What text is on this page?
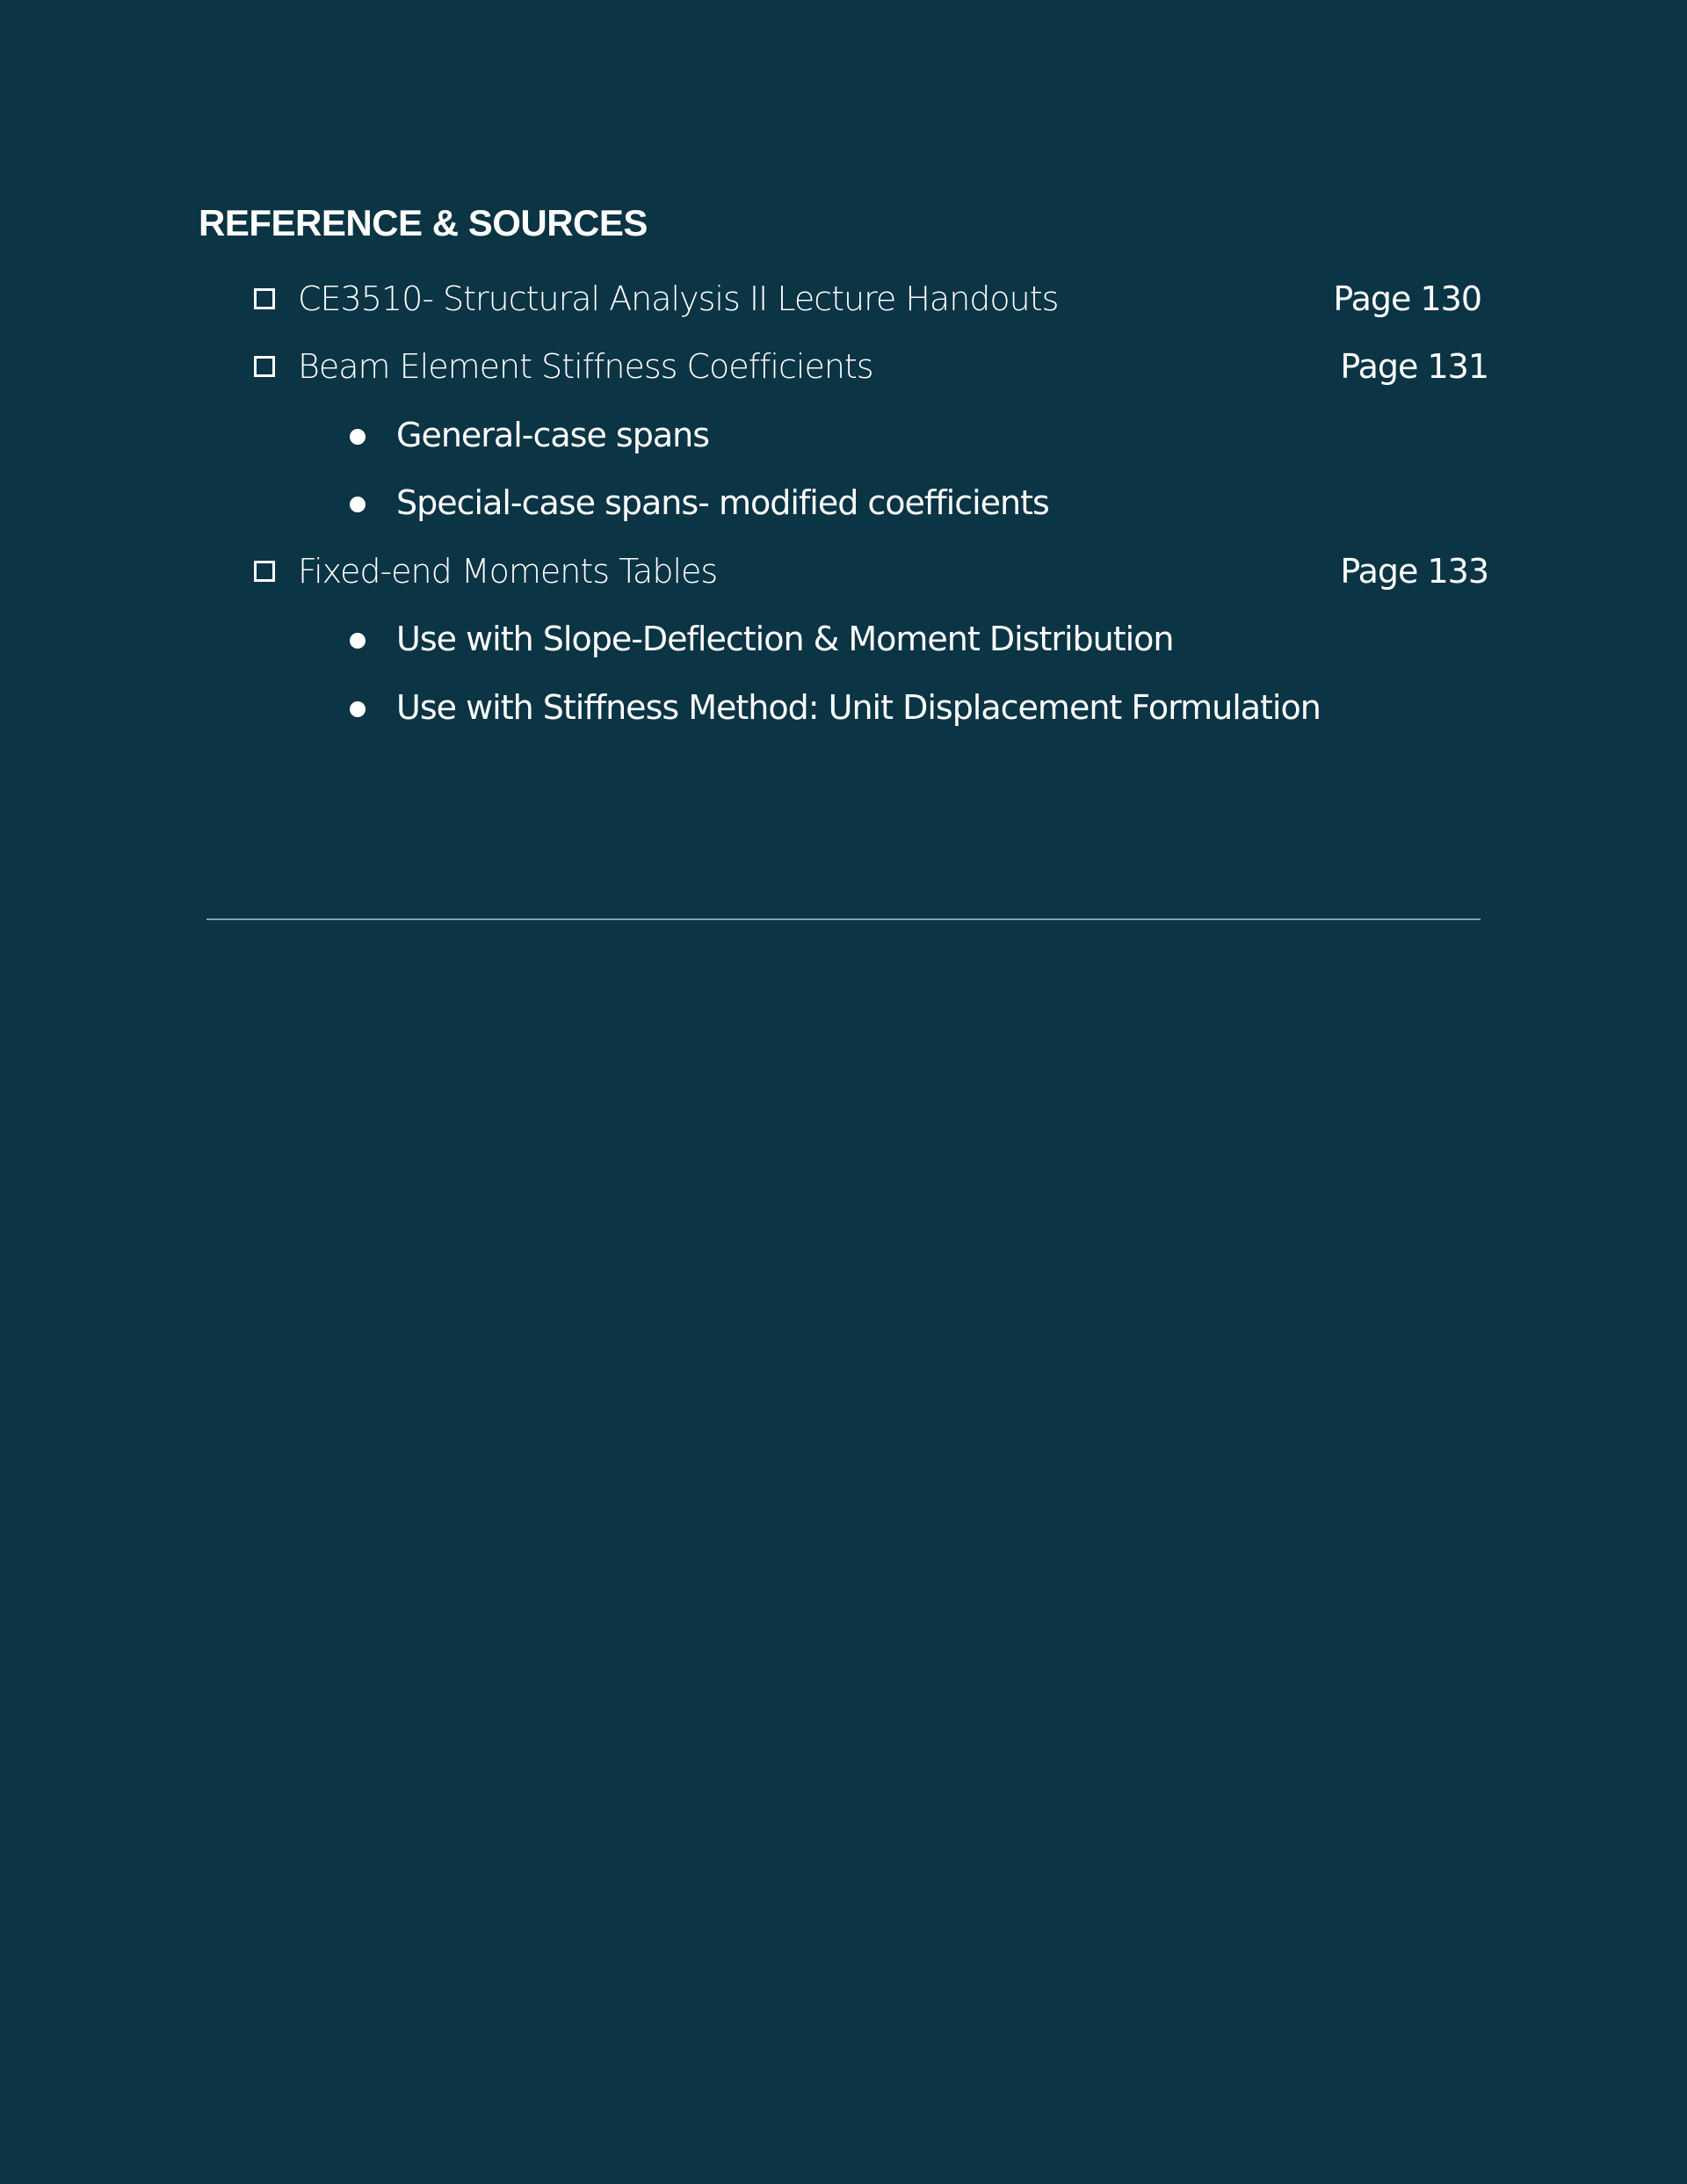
REFERENCE & SOURCES
CE3510- Structural Analysis II Lecture Handouts	Page 130
Beam Element Stiffness Coefficients	Page 131
General-case spans
Special-case spans- modified coefficients
Fixed-end Moments Tables	Page 133
Use with Slope-Deflection & Moment Distribution
Use with Stiffness Method: Unit Displacement Formulation
